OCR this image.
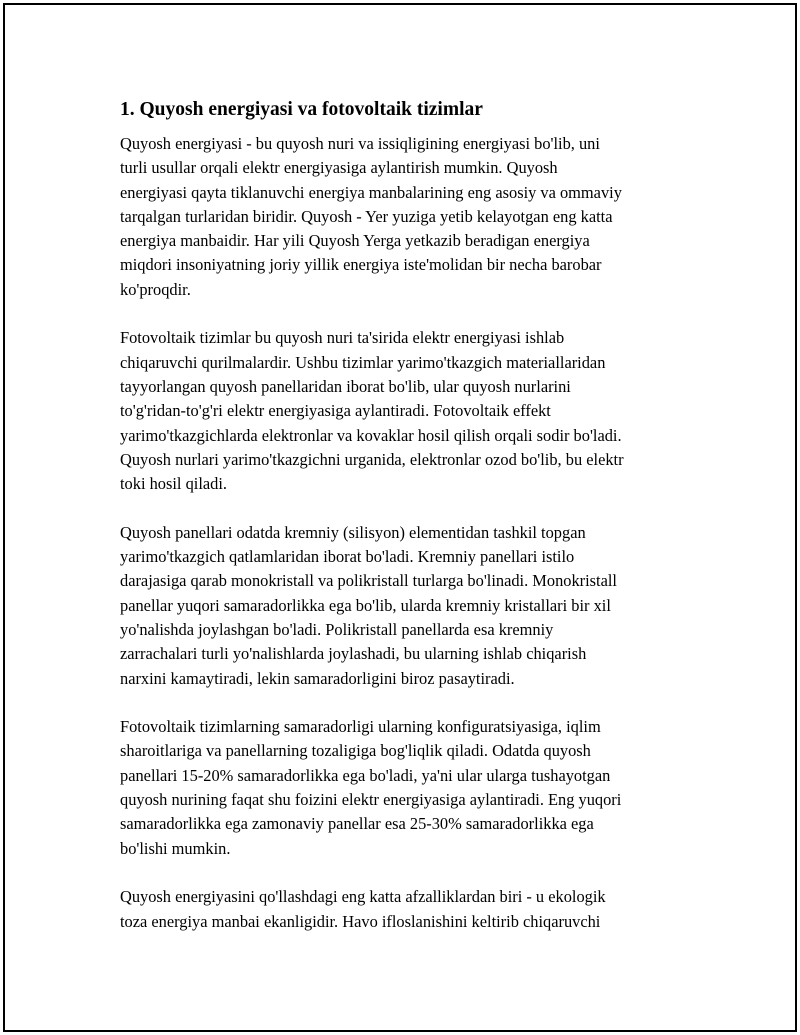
1. Quyosh energiyasi va fotovoltaik tizimlar

Quyosh energiyasi - bu quyosh nuri va issiqligining energiyasi bo'lib, uni
turli usullar orqali elektr energiyasiga aylantirish mumkin. Quyosh
energiyasi qayta tiklanuvchi energiya manbalarining eng asosiy va ommaviy
tarqalgan turlaridan biridir. Quyosh - Yer yuziga yetib kelayotgan eng katta
energiya manbaidir. Har yili Quyosh Yerga yetkazib beradigan energiya
miqdori insoniyatning joriy yillik energiya iste'molidan bir necha barobar
ko'proqdir.

Fotovoltaik tizimlar bu quyosh nuri ta'sirida elektr energiyasi ishlab
chiqaruvchi qurilmalardir. Ushbu tizimlar yarimo'tkazgich materiallaridan
tayyorlangan quyosh panellaridan iborat bo'lib, ular quyosh nurlarini
to'g'ridan-to'g'ri elektr energiyasiga aylantiradi. Fotovoltaik effekt
yarimo'tkazgichlarda elektronlar va kovaklar hosil qilish orqali sodir bo'ladi.
Quyosh nurlari yarimo'tkazgichni urganida, elektronlar ozod bo'lib, bu elektr
toki hosil qiladi.

Quyosh panellari odatda kremniy (silisyon) elementidan tashkil topgan
yarimo'tkazgich qatlamlaridan iborat bo'ladi. Kremniy panellari istilo
darajasiga qarab monokristall va polikristall turlarga bo'linadi. Monokristall
panellar yuqori samaradorlikka ega bo'lib, ularda kremniy kristallari bir xil
yo'nalishda joylashgan bo'ladi. Polikristall panellarda esa kremniy
zarrachalari turli yo'nalishlarda joylashadi, bu ularning ishlab chiqarish
narxini kamaytiradi, lekin samaradorligini biroz pasaytiradi.

Fotovoltaik tizimlarning samaradorligi ularning konfiguratsiyasiga, iqlim
sharoitlariga va panellarning tozaligiga bog'liqlik qiladi. Odatda quyosh
panellari 15-20% samaradorlikka ega bo'ladi, ya'ni ular ularga tushayotgan
quyosh nurining faqat shu foizini elektr energiyasiga aylantiradi. Eng yuqori
samaradorlikka ega zamonaviy panellar esa 25-30% samaradorlikka ega
bo'lishi mumkin.

Quyosh energiyasini qo'llashdagi eng katta afzalliklardan biri - u ekologik
toza energiya manbai ekanligidir. Havo ifloslanishini keltirib chiqaruvchi
